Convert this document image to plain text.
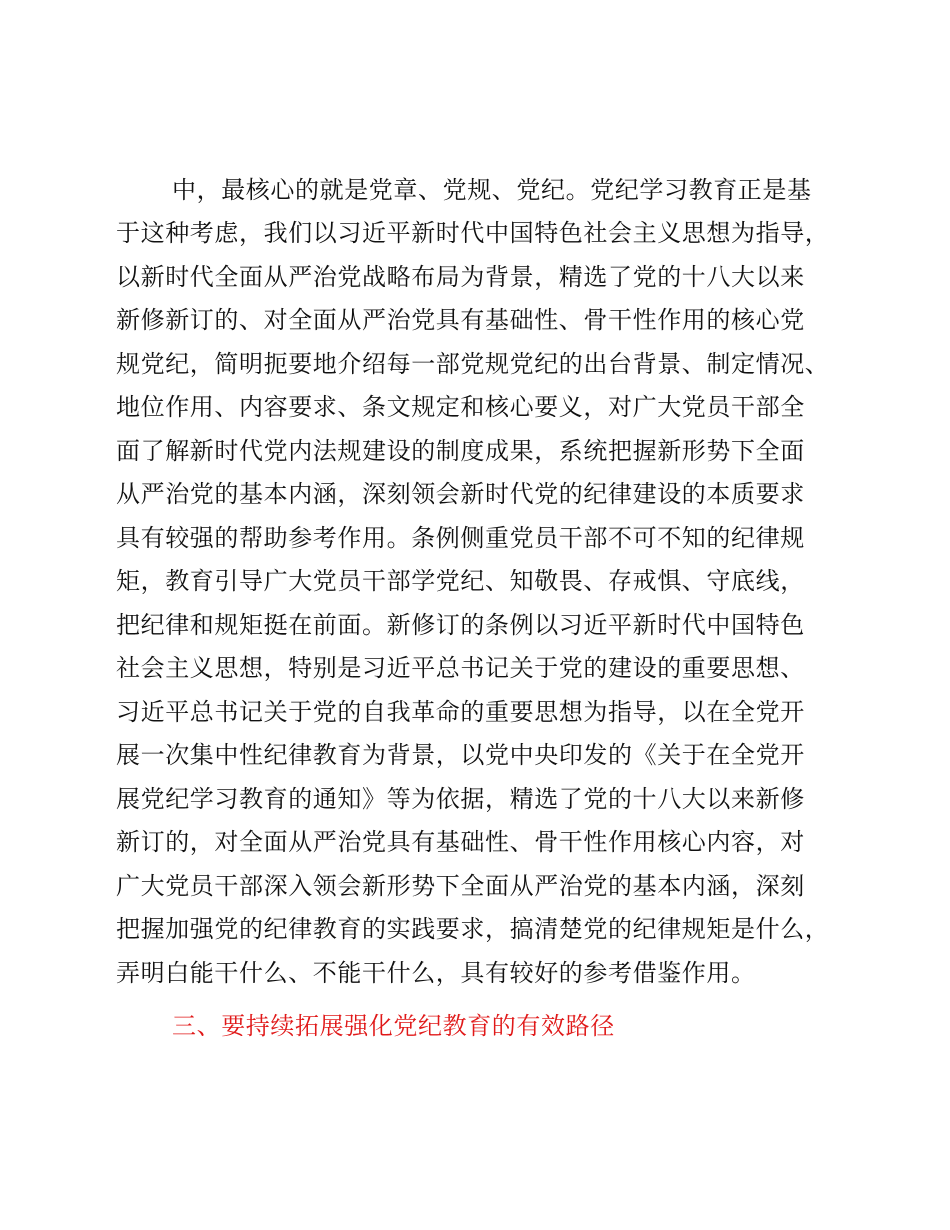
中，最核心的就是党章、党规、党纪。党纪学习教育正是基
于这种考虑，我们以习近平新时代中国特色社会主义思想为指导，
以新时代全面从严治党战略布局为背景，精选了党的十八大以来
新修新订的、对全面从严治党具有基础性、骨干性作用的核心党
规党纪，简明扼要地介绍每一部党规党纪的出台背景、制定情况、
地位作用、内容要求、条文规定和核心要义，对广大党员干部全
面了解新时代党内法规建设的制度成果，系统把握新形势下全面
从严治党的基本内涵，深刻领会新时代党的纪律建设的本质要求
具有较强的帮助参考作用。条例侧重党员干部不可不知的纪律规
矩，教育引导广大党员干部学党纪、知敬畏、存戒惧、守底线，
把纪律和规矩挺在前面。新修订的条例以习近平新时代中国特色
社会主义思想，特别是习近平总书记关于党的建设的重要思想、
习近平总书记关于党的自我革命的重要思想为指导，以在全党开
展一次集中性纪律教育为背景，以党中央印发的《关于在全党开
展党纪学习教育的通知》等为依据，精选了党的十八大以来新修
新订的，对全面从严治党具有基础性、骨干性作用核心内容，对
广大党员干部深入领会新形势下全面从严治党的基本内涵，深刻
把握加强党的纪律教育的实践要求，搞清楚党的纪律规矩是什么，
弄明白能干什么、不能干什么，具有较好的参考借鉴作用。
三、要持续拓展强化党纪教育的有效路径
